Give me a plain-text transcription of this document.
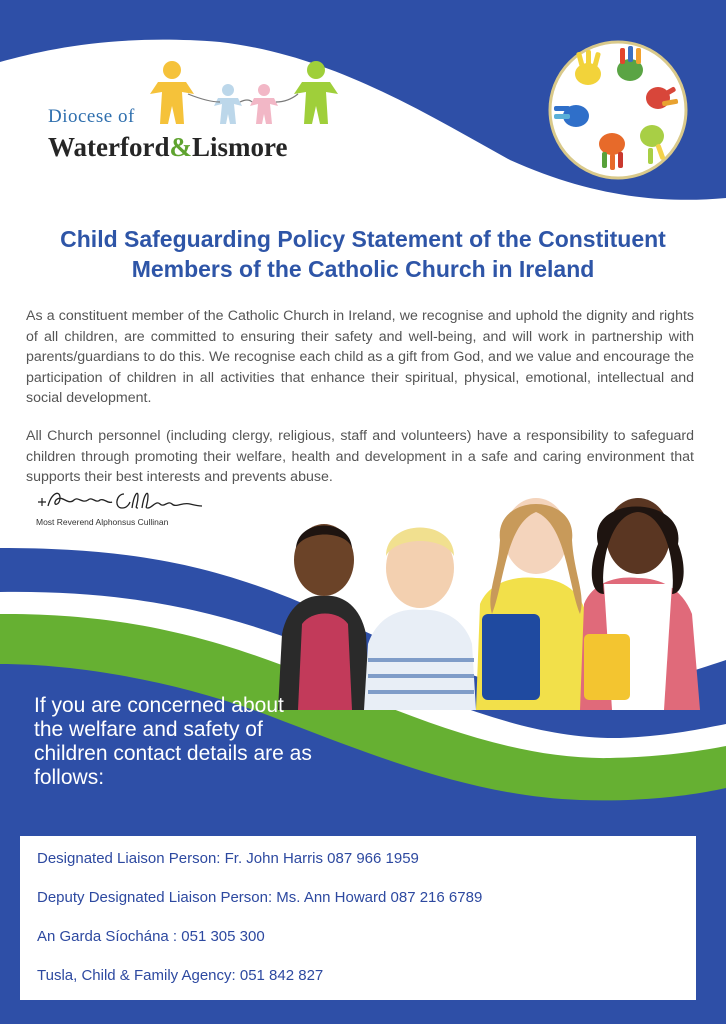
Diocese of
Waterford&Lismore
Child Safeguarding Policy Statement of the Constituent Members of the Catholic Church in Ireland

As a constituent member of the Catholic Church in Ireland, we recognise and uphold the dignity and rights of all children, are committed to ensuring their safety and well-being, and will work in partnership with parents/guardians to do this. We recognise each child as a gift from God, and we value and encourage the participation of children in all activities that enhance their spiritual, physical, emotional, intellectual and social development.

All Church personnel (including clergy, religious, staff and volunteers) have a responsibility to safeguard children through promoting their welfare, health and development in a safe and caring environment that supports their best interests and prevents abuse.

Most Reverend Alphonsus Cullinan
If you are concerned about the welfare and safety of children contact details are as follows:
Designated Liaison Person: Fr. John Harris 087 966 1959
Deputy Designated Liaison Person: Ms. Ann Howard 087 216 6789
An Garda Síochána : 051 305 300
Tusla, Child & Family Agency: 051 842 827
